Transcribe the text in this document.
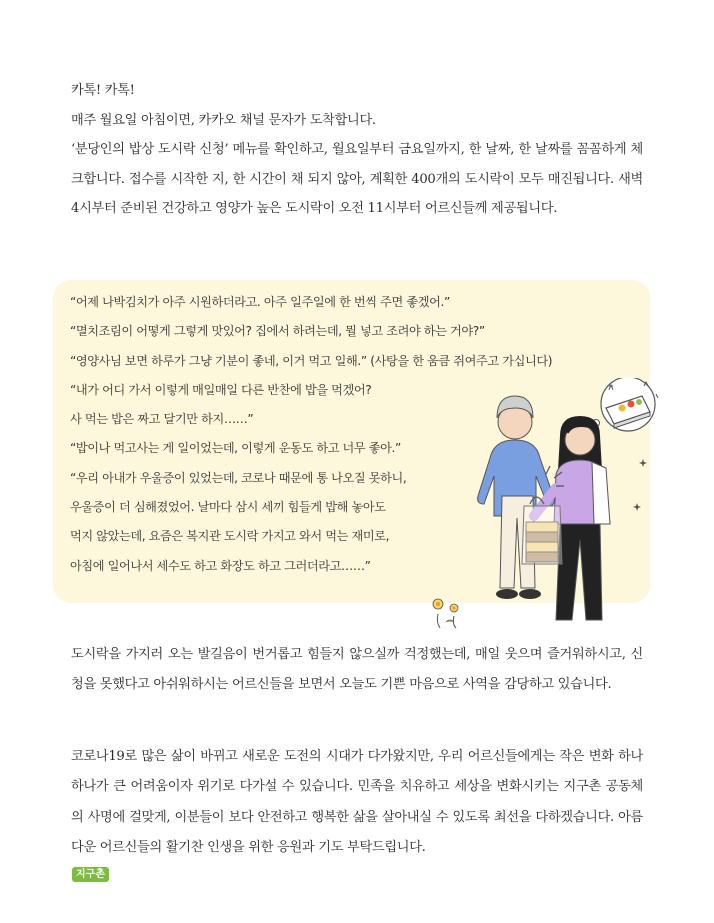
카톡! 카톡!

매주 월요일 아침이면, 카카오 채널 문자가 도착합니다.

‘분당인의 밥상 도시락 신청’ 메뉴를 확인하고, 월요일부터 금요일까지, 한 날짜, 한 날짜를 꼼꼼하게 체크합니다. 접수를 시작한 지, 한 시간이 채 되지 않아, 계획한 400개의 도시락이 모두 매진됩니다. 새벽 4시부터 준비된 건강하고 영양가 높은 도시락이 오전 11시부터 어르신들께 제공됩니다.

“어제 나박김치가 아주 시원하더라고. 아주 일주일에 한 번씩 주면 좋겠어.”

“멸치조림이 어떻게 그렇게 맛있어? 집에서 하려는데, 뭘 넣고 조려야 하는 거야?”

“영양사님 보면 하루가 그냥 기분이 좋네, 이거 먹고 일해.” (사탕을 한 움큼 쥐여주고 가십니다)

“내가 어디 가서 이렇게 매일매일 다른 반찬에 밥을 먹겠어?

사 먹는 밥은 짜고 달기만 하지……”

“밥이나 먹고사는 게 일이었는데, 이렇게 운동도 하고 너무 좋아.”

“우리 아내가 우울증이 있었는데, 코로나 때문에 통 나오질 못하니,

우울증이 더 심해졌었어. 날마다 삼시 세끼 힘들게 밥해 놓아도

먹지 않았는데, 요즘은 복지관 도시락 가지고 와서 먹는 재미로,

아침에 일어나서 세수도 하고 화장도 하고 그러더라고……”

도시락을 가지러 오는 발길음이 번거롭고 힘들지 않으실까 걱정했는데, 매일 웃으며 즐거워하시고, 신청을 못했다고 아쉬워하시는 어르신들을 보면서 오늘도 기쁜 마음으로 사역을 감당하고 있습니다.

코로나19로 많은 삶이 바뀌고 새로운 도전의 시대가 다가왔지만, 우리 어르신들에게는 작은 변화 하나하나가 큰 어려움이자 위기로 다가설 수 있습니다. 민족을 치유하고 세상을 변화시키는 지구촌 공동체의 사명에 걸맞게, 이분들이 보다 안전하고 행복한 삶을 살아내실 수 있도록 최선을 다하겠습니다. 아름다운 어르신들의 활기찬 인생을 위한 응원과 기도 부탁드립니다.

지구촌
